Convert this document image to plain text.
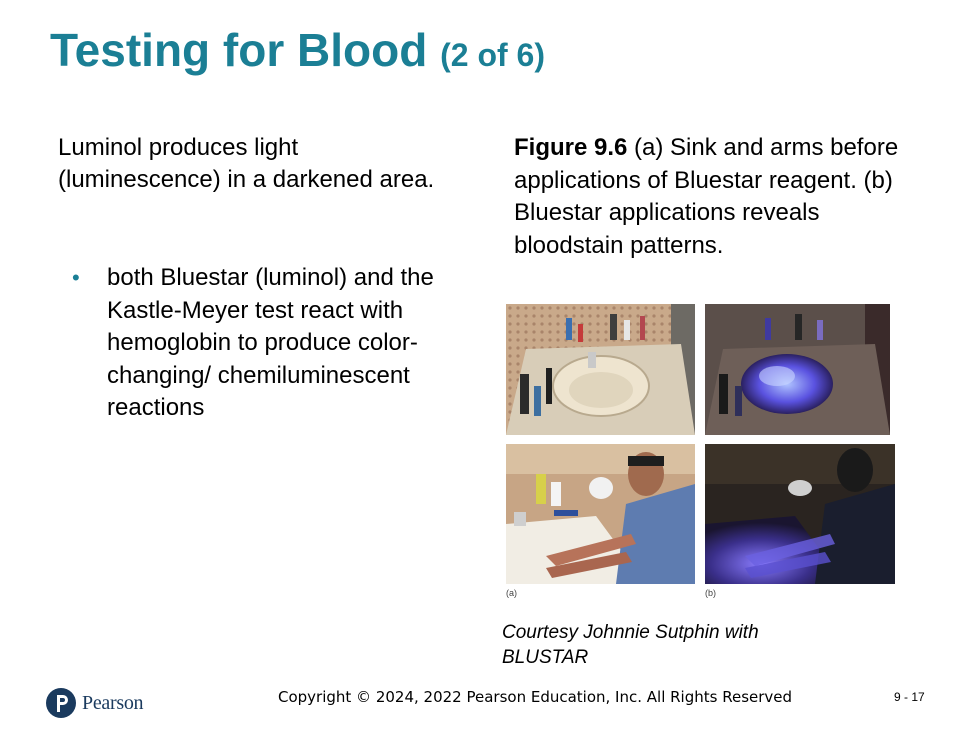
Testing for Blood (2 of 6)
Luminol produces light (luminescence) in a darkened area.
• both Bluestar (luminol) and the Kastle-Meyer test react with hemoglobin to produce color-changing/ chemiluminescent reactions
Figure 9.6 (a) Sink and arms before applications of Bluestar reagent. (b) Bluestar applications reveals bloodstain patterns.
(a)	(b)
Courtesy Johnnie Sutphin with BLUSTAR
Pearson	Copyright © 2024, 2022 Pearson Education, Inc. All Rights Reserved	9 - 17
